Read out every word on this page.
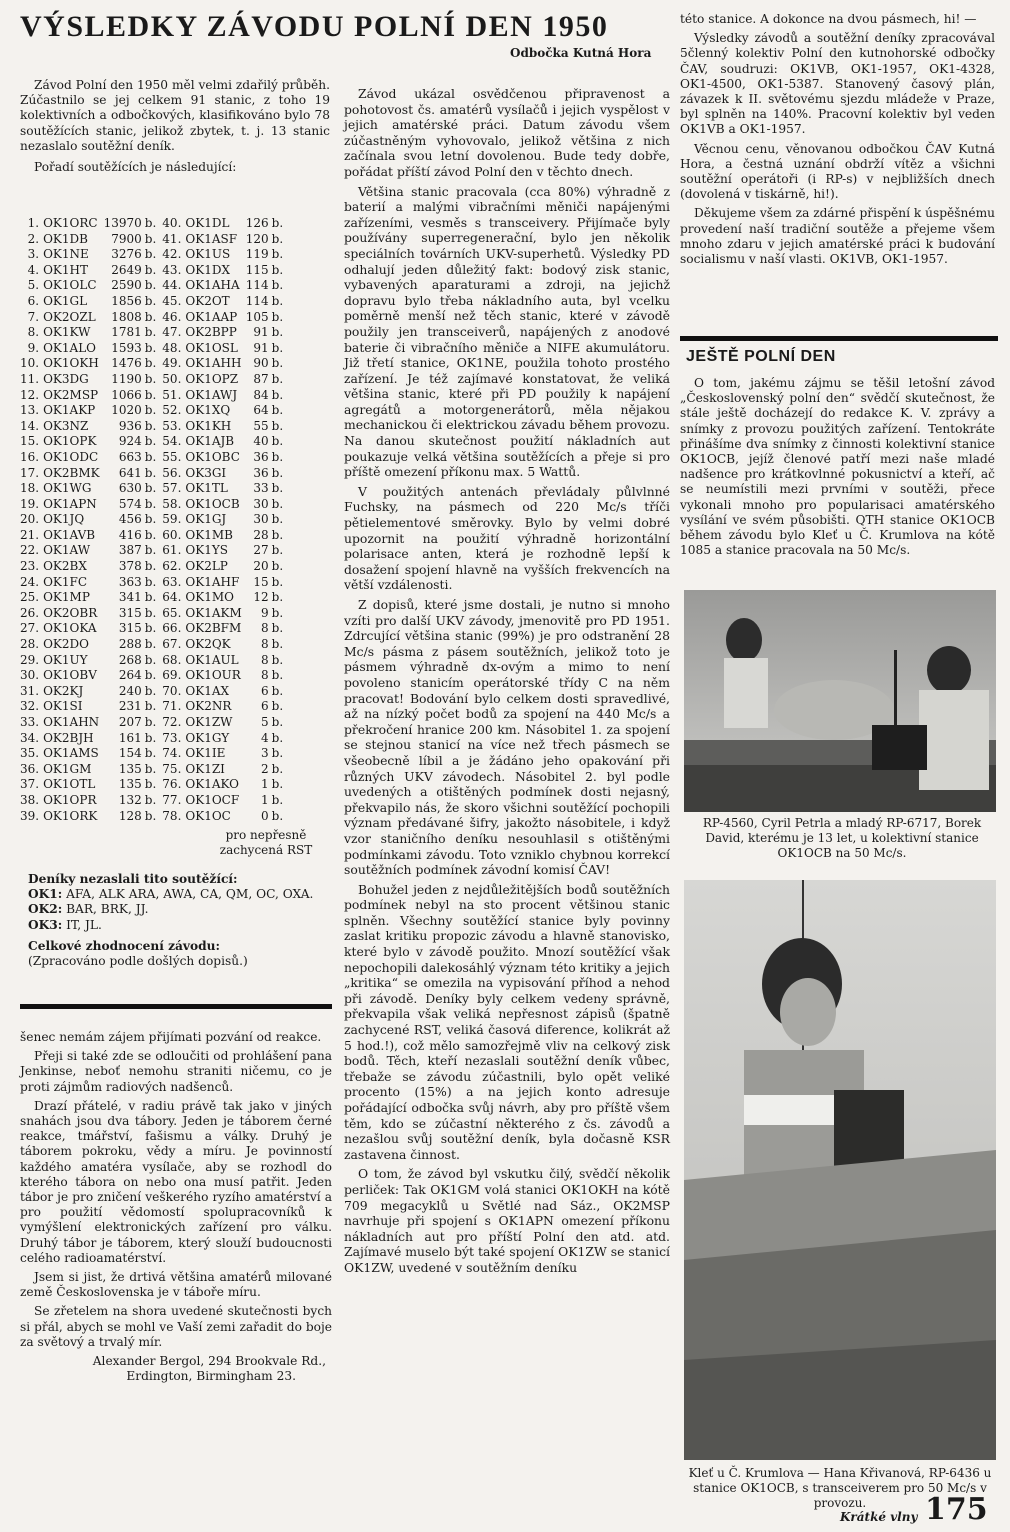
VÝSLEDKY ZÁVODU POLNÍ DEN 1950
Odbočka Kutná Hora

Závod Polní den 1950 měl velmi zdařilý průběh. Zúčastnilo se jej celkem 91 stanic, z toho 19 kolektivních a odbočkových, klasifikováno bylo 78 soutěžících stanic, jelikož zbytek, t. j. 13 stanic nezaslalo soutěžní deník.

Pořadí soutěžících je následující:

1.	OK1ORC	13970	b.	40.	OK1DL	126	b.
2.	OK1DB	7900	b.	41.	OK1ASF	120	b.
3.	OK1NE	3276	b.	42.	OK1US	119	b.
4.	OK1HT	2649	b.	43.	OK1DX	115	b.
5.	OK1OLC	2590	b.	44.	OK1AHA	114	b.
6.	OK1GL	1856	b.	45.	OK2OT	114	b.
7.	OK2OZL	1808	b.	46.	OK1AAP	105	b.
8.	OK1KW	1781	b.	47.	OK2BPP	91	b.
9.	OK1ALO	1593	b.	48.	OK1OSL	91	b.
10.	OK1OKH	1476	b.	49.	OK1AHH	90	b.
11.	OK3DG	1190	b.	50.	OK1OPZ	87	b.
12.	OK2MSP	1066	b.	51.	OK1AWJ	84	b.
13.	OK1AKP	1020	b.	52.	OK1XQ	64	b.
14.	OK3NZ	936	b.	53.	OK1KH	55	b.
15.	OK1OPK	924	b.	54.	OK1AJB	40	b.
16.	OK1ODC	663	b.	55.	OK1OBC	36	b.
17.	OK2BMK	641	b.	56.	OK3GI	36	b.
18.	OK1WG	630	b.	57.	OK1TL	33	b.
19.	OK1APN	574	b.	58.	OK1OCB	30	b.
20.	OK1JQ	456	b.	59.	OK1GJ	30	b.
21.	OK1AVB	416	b.	60.	OK1MB	28	b.
22.	OK1AW	387	b.	61.	OK1YS	27	b.
23.	OK2BX	378	b.	62.	OK2LP	20	b.
24.	OK1FC	363	b.	63.	OK1AHF	15	b.
25.	OK1MP	341	b.	64.	OK1MO	12	b.
26.	OK2OBR	315	b.	65.	OK1AKM	9	b.
27.	OK1OKA	315	b.	66.	OK2BFM	8	b.
28.	OK2DO	288	b.	67.	OK2QK	8	b.
29.	OK1UY	268	b.	68.	OK1AUL	8	b.
30.	OK1OBV	264	b.	69.	OK1OUR	8	b.
31.	OK2KJ	240	b.	70.	OK1AX	6	b.
32.	OK1SI	231	b.	71.	OK2NR	6	b.
33.	OK1AHN	207	b.	72.	OK1ZW	5	b.
34.	OK2BJH	161	b.	73.	OK1GY	4	b.
35.	OK1AMS	154	b.	74.	OK1IE	3	b.
36.	OK1GM	135	b.	75.	OK1ZI	2	b.
37.	OK1OTL	135	b.	76.	OK1AKO	1	b.
38.	OK1OPR	132	b.	77.	OK1OCF	1	b.
39.	OK1ORK	128	b.	78.	OK1OC	0	b.
pro nepřesně zachycená RST
Deníky nezaslali tito soutěžící:
OK1: AFA, ALK ARA, AWA, CA, QM, OC, OXA.
OK2: BAR, BRK, JJ.
OK3: IT, JL.
Celkové zhodnocení závodu:
(Zpracováno podle došlých dopisů.)

šenec nemám zájem přijímati pozvání od reakce.

Přeji si také zde se odloučiti od prohlášení pana Jenkinse, neboť nemohu straniti ničemu, co je proti zájmům radiových nadšenců.

Drazí přátelé, v radiu právě tak jako v jiných snahách jsou dva tábory. Jeden je táborem černé reakce, tmářství, fašismu a války. Druhý je táborem pokroku, vědy a míru. Je povinností každého amatéra vysílače, aby se rozhodl do kterého tábora on nebo ona musí patřit. Jeden tábor je pro zničení veškerého ryzího amatérství a pro použití vědomostí spolupracovníků k vymýšlení elektronických zařízení pro válku. Druhý tábor je táborem, který slouží budoucnosti celého radioamatérství.

Jsem si jist, že drtivá většina amatérů milované země Československa je v táboře míru.

Se zřetelem na shora uvedené skutečnosti bych si přál, abych se mohl ve Vaší zemi zařadit do boje za světový a trvalý mír.

Alexander Bergol, 294 Brookvale Rd.,
Erdington, Birmingham 23.

Závod ukázal osvědčenou připravenost a pohotovost čs. amatérů vysílačů i jejich vyspělost v jejich amatérské práci. Datum závodu všem zúčastněným vyhovovalo, jelikož většina z nich začínala svou letní dovolenou. Bude tedy dobře, pořádat příští závod Polní den v těchto dnech.

Většina stanic pracovala (cca 80%) výhradně z baterií a malými vibračními měniči napájenými zařízeními, vesměs s transceivery. Přijímače byly používány superregenerační, bylo jen několik speciálních továrních UKV-superhetů. Výsledky PD odhalují jeden důležitý fakt: bodový zisk stanic, vybavených aparaturami a zdroji, na jejichž dopravu bylo třeba nákladního auta, byl vcelku poměrně menší než těch stanic, které v závodě použily jen transceiverů, napájených z anodové baterie či vibračního měniče a NIFE akumulátoru. Již třetí stanice, OK1NE, použila tohoto prostého zařízení. Je též zajímavé konstatovat, že veliká většina stanic, které při PD použily k napájení agregátů a motorgenerátorů, měla nějakou mechanickou či elektrickou závadu během provozu. Na danou skutečnost použití nákladních aut poukazuje velká většina soutěžících a přeje si pro příště omezení příkonu max. 5 Wattů.

V použitých antenách převládaly půlvlnné Fuchsky, na pásmech od 220 Mc/s tříči pětielementové směrovky. Bylo by velmi dobré upozornit na použití výhradně horizontální polarisace anten, která je rozhodně lepší k dosažení spojení hlavně na vyšších frekvencích na větší vzdálenosti.

Z dopisů, které jsme dostali, je nutno si mnoho vzíti pro další UKV závody, jmenovitě pro PD 1951. Zdrcující většina stanic (99%) je pro odstranění 28 Mc/s pásma z pásem soutěžních, jelikož toto je pásmem výhradně dx-ovým a mimo to není povoleno stanicím operátorské třídy C na něm pracovat! Bodování bylo celkem dosti spravedlivé, až na nízký počet bodů za spojení na 440 Mc/s a překročení hranice 200 km. Násobitel 1. za spojení se stejnou stanicí na více než třech pásmech se všeobecně líbil a je žádáno jeho opakování při různých UKV závodech. Násobitel 2. byl podle uvedených a otištěných podmínek dosti nejasný, překvapilo nás, že skoro všichni soutěžící pochopili význam předávané šifry, jakožto násobitele, i když vzor staničního deníku nesouhlasil s otištěnými podmínkami závodu. Toto vzniklo chybnou korrekcí soutěžních podmínek závodní komisí ČAV!

Bohužel jeden z nejdůležitějších bodů soutěžních podmínek nebyl na sto procent většinou stanic splněn. Všechny soutěžící stanice byly povinny zaslat kritiku propozic závodu a hlavně stanovisko, které bylo v závodě použito. Mnozí soutěžící však nepochopili dalekosáhlý význam této kritiky a jejich „kritika“ se omezila na vypisování příhod a nehod při závodě. Deníky byly celkem vedeny správně, překvapila však veliká nepřesnost zápisů (špatně zachycené RST, veliká časová diference, kolikrát až 5 hod.!), což mělo samozřejmě vliv na celkový zisk bodů. Těch, kteří nezaslali soutěžní deník vůbec, třebaže se závodu zúčastnili, bylo opět veliké procento (15%) a na jejich konto adresuje pořádající odbočka svůj návrh, aby pro příště všem těm, kdo se zúčastní některého z čs. závodů a nezašlou svůj soutěžní deník, byla dočasně KSR zastavena činnost.

O tom, že závod byl vskutku čilý, svědčí několik perliček: Tak OK1GM volá stanici OK1OKH na kótě 709 megacyklů u Světlé nad Sáz., OK2MSP navrhuje při spojení s OK1APN omezení příkonu nákladních aut pro příští Polní den atd. atd. Zajímavé muselo být také spojení OK1ZW se stanicí OK1ZW, uvedené v soutěžním deníku

této stanice. A dokonce na dvou pásmech, hi! —

Výsledky závodů a soutěžní deníky zpracovával 5členný kolektiv Polní den kutnohorské odbočky ČAV, soudruzi: OK1VB, OK1-1957, OK1-4328, OK1-4500, OK1-5387. Stanovený časový plán, závazek k II. světovému sjezdu mládeže v Praze, byl splněn na 140%. Pracovní kolektiv byl veden OK1VB a OK1-1957.

Věcnou cenu, věnovanou odbočkou ČAV Kutná Hora, a čestná uznání obdrží vítěz a všichni soutěžní operátoři (i RP-s) v nejbližších dnech (dovolená v tiskárně, hi!).

Děkujeme všem za zdárné přispění k úspěšnému provedení naší tradiční soutěže a přejeme všem mnoho zdaru v jejich amatérské práci k budování socialismu v naší vlasti. OK1VB, OK1-1957.

JEŠTĚ POLNÍ DEN

O tom, jakému zájmu se těšil letošní závod „Československý polní den“ svědčí skutečnost, že stále ještě docházejí do redakce K. V. zprávy a snímky z provozu použitých zařízení. Tentokráte přinášíme dva snímky z činnosti kolektivní stanice OK1OCB, jejíž členové patří mezi naše mladé nadšence pro krátkovlnné pokusnictví a kteří, ač se neumístili mezi prvními v soutěži, přece vykonali mnoho pro popularisaci amatérského vysílání ve svém působišti. QTH stanice OK1OCB během závodu bylo Kleť u Č. Krumlova na kótě 1085 a stanice pracovala na 50 Mc/s.

RP-4560, Cyril Petrla a mladý RP-6717, Borek David, kterému je 13 let, u kolektivní stanice OK1OCB na 50 Mc/s.
Kleť u Č. Krumlova — Hana Křivanová, RP-6436 u stanice OK1OCB, s transceiverem pro 50 Mc/s v provozu.
Krátké vlny 175
